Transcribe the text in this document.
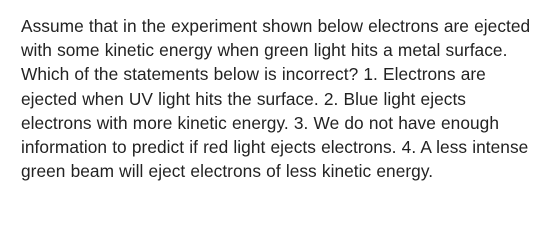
Assume that in the experiment shown below electrons are ejected with some kinetic energy when green light hits a metal surface. Which of the statements below is incorrect? 1. Electrons are ejected when UV light hits the surface. 2. Blue light ejects electrons with more kinetic energy. 3. We do not have enough information to predict if red light ejects electrons. 4. A less intense green beam will eject electrons of less kinetic energy.
